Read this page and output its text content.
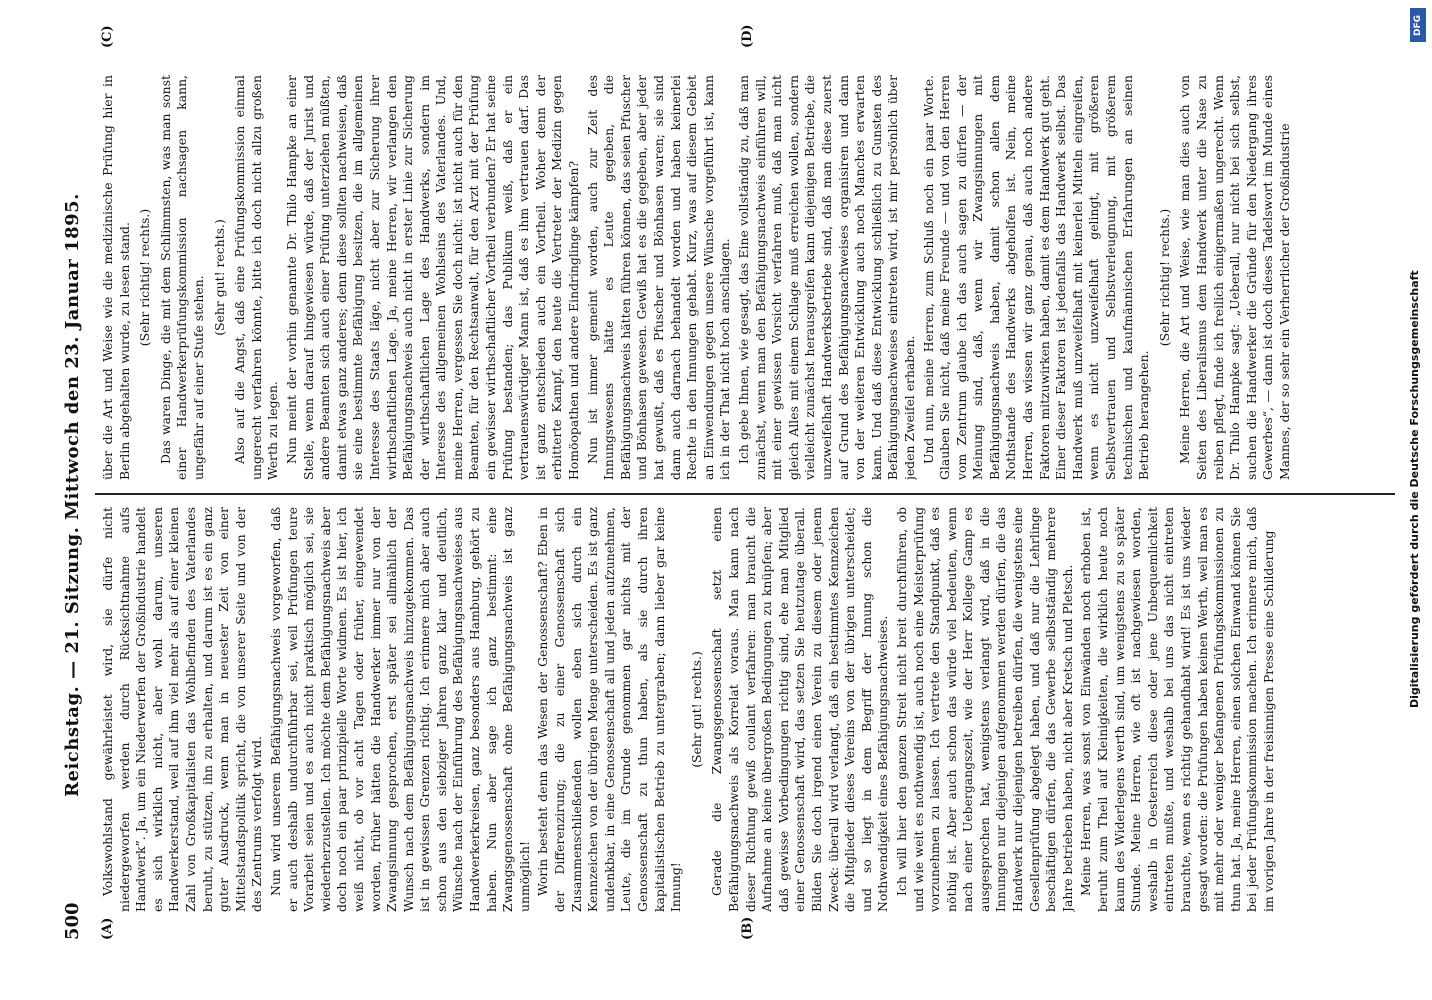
500
Reichstag. — 21. Sitzung. Mittwoch den 23. Januar 1895.
(A)	(B)
(C)	(D)

Volkswohlstand gewährleistet wird, sie dürfe nicht niedergeworfen werden durch Rücksichtnahme aufs Handwerk”. Ja, um ein Niederwerfen der Großindustrie handelt es sich wirklich nicht, aber wohl darum, unseren Handwerkerstand, weil auf ihm viel mehr als auf einer kleinen Zahl von Großkapitalisten das Wohlbefinden des Vaterlandes beruht, zu stützen, ihn zu erhalten, und darum ist es ein ganz guter Ausdruck, wenn man in neuester Zeit von einer Mittelstandspolitik spricht, die von unserer Seite und von der des Zentrums verfolgt wird. Nun wird unserem Befähigungsnachweis vorgeworfen, daß er auch deshalb undurchführbar sei, weil Prüfungen teure Vorarbeit seien und es auch nicht praktisch möglich sei, sie wiederherzustellen. Ich möchte dem Befähigungsnachweis aber doch noch ein paar prinzipielle Worte widmen. Es ist hier, ich weiß nicht, ob vor acht Tagen oder früher, eingewendet worden, früher hätten die Handwerker immer nur von der Zwangsinnung gesprochen, erst später sei allmählich der Wunsch nach dem Befähigungsnachweis hinzugekommen. Das ist in gewissen Grenzen richtig. Ich erinnere mich aber auch schon aus den siebziger Jahren ganz klar und deutlich, Wünsche nach der Einführung des Befähigungsnachweises aus Handwerkerkreisen, ganz besonders aus Hamburg, gehört zu haben. Nun aber sage ich ganz bestimmt: eine Zwangsgenossenschaft ohne Befähigungsnachweis ist ganz unmöglich! Worin besteht denn das Wesen der Genossenschaft? Eben in der Differenzirung; die zu einer Genossenschaft sich Zusammenschließenden wollen eben sich durch ein Kennzeichen von der übrigen Menge unterscheiden. Es ist ganz undenkbar, in eine Genossenschaft all und jeden aufzunehmen, Leute, die im Grunde genommen gar nichts mit der Genossenschaft zu thun haben, als sie durch ihren kapitalistischen Betrieb zu untergraben; dann lieber gar keine Innung!

(Sehr gut! rechts.) Gerade die Zwangsgenossenschaft setzt einen Befähigungsnachweis als Korrelat voraus. Man kann nach dieser Richtung gewiß coulant verfahren: man braucht die Aufnahme an keine übergroßen Bedingungen zu knüpfen; aber daß gewisse Vorbedingungen richtig sind, ehe man Mitglied einer Genossenschaft wird, das setzen Sie heutzutage überall. Bilden Sie doch irgend einen Verein zu diesem oder jenem Zweck: überall wird verlangt, daß ein bestimmtes Kennzeichen die Mitglieder dieses Vereins von der übrigen unterscheidet; und so liegt in dem Begriff der Innung schon die Nothwendigkeit eines Befähigungsnachweises. Ich will hier den ganzen Streit nicht breit durchführen, ob und wie weit es nothwendig ist, auch noch eine Meisterprüfung vorzunehmen zu lassen. Ich vertrete den Standpunkt, daß es nöthig ist. Aber auch schon das würde viel bedeuten, wenn nach einer Uebergangszeit, wie der Herr Kollege Gamp es ausgesprochen hat, wenigstens verlangt wird, daß in die Innungen nur diejenigen aufgenommen werden dürfen, die das Handwerk nur diejenigen betreiben dürfen, die wenigstens eine Gesellenprüfung abgelegt haben, und daß nur die Lehrlinge beschäftigen dürfen, die das Gewerbe selbstständig mehrere Jahre betrieben haben, nicht aber Kretsch und Pletsch. Meine Herren, was sonst von Einwänden noch erhoben ist, beruht zum Theil auf Kleinigkeiten, die wirklich heute noch kaum des Widerlegens werth sind, um wenigstens zu so später Stunde. Meine Herren, wie oft ist nachgewiesen worden, weshalb in Oesterreich diese oder jene Unbequemlichkeit eintreten mußte, und weshalb bei uns das nicht eintreten brauchte, wenn es richtig gehandhabt wird! Es ist uns wieder gesagt worden: die Prüfungen haben keinen Werth, weil man es mit mehr oder weniger befangenen Prüfungskommissionen zu thun hat. Ja, meine Herren, einen solchen Einwand können Sie bei jeder Prüfungskommission machen. Ich erinnere mich, daß im vorigen Jahre in der freisinnigen Presse eine Schilderung

über die Art und Weise wie die medizinische Prüfung hier in Berlin abgehalten wurde, zu lesen stand. (Sehr richtig! rechts.) Das waren Dinge, die mit dem Schlimmsten, was man sonst einer Handwerkerprüfungskommission nachsagen kann, ungefähr auf einer Stufe stehen. (Sehr gut! rechts.) Also auf die Angst, daß eine Prüfungskommission einmal ungerecht verfahren könnte, bitte ich doch nicht allzu großen Werth zu legen. Nun meint der vorhin genannte Dr. Thilo Hampke an einer Stelle, wenn darauf hingewiesen würde, daß der Jurist und andere Beamten sich auch einer Prüfung unterziehen müßten, damit etwas ganz anderes; denn diese sollten nachweisen, daß sie eine bestimmte Befähigung besitzen, die im allgemeinen Interesse des Staats läge, nicht aber zur Sicherung ihrer wirthschaftlichen Lage. Ja, meine Herren, wir verlangen den Befähigungsnachweis auch nicht in erster Linie zur Sicherung der wirthschaftlichen Lage des Handwerks, sondern im Interesse des allgemeinen Wohlseins des Vaterlandes. Und, meine Herren, vergessen Sie doch nicht: ist nicht auch für den Beamten, für den Rechtsanwalt, für den Arzt mit der Prüfung ein gewisser wirthschaftlicher Vortheil verbunden? Er hat seine Prüfung bestanden; das Publikum weiß, daß er ein vertrauenswürdiger Mann ist, daß es ihm vertrauen darf. Das ist ganz entschieden auch ein Vortheil. Woher denn der erbitterte Kampf, den heute die Vertreter der Medizin gegen Homöopathen und andere Eindringlinge kämpfen? Nun ist immer gemeint worden, auch zur Zeit des Innungswesens hätte es Leute gegeben, die Befähigungsnachweis hätten führen können, das seien Pfuscher und Bönhasen gewesen. Gewiß hat es die gegeben, aber jeder hat gewußt, daß es Pfuscher und Bönhasen waren; sie sind dann auch darnach behandelt worden und haben keinerlei Rechte in den Innungen gehabt. Kurz, was auf diesem Gebiet an Einwendungen gegen unsere Wünsche vorgeführt ist, kann ich in der That nicht hoch anschlagen. Ich gebe Ihnen, wie gesagt, das Eine vollständig zu, daß man zunächst, wenn man den Befähigungsnachweis einführen will, mit einer gewissen Vorsicht verfahren muß, daß man nicht gleich Alles mit einem Schlage muß erreichen wollen, sondern vielleicht zunächst herausgreifen kann diejenigen Betriebe, die unzweifelhaft Handwerksbetriebe sind, daß man diese zuerst auf Grund des Befähigungsnachweises organisiren und dann von der weiteren Entwicklung auch noch Manches erwarten kann. Und daß diese Entwicklung schließlich zu Gunsten des Befähigungsnachweises eintreten wird, ist mir persönlich über jeden Zweifel erhaben. Und nun, meine Herren, zum Schluß noch ein paar Worte. Glauben Sie nicht, daß meine Freunde — und von den Herren vom Zentrum glaube ich das auch sagen zu dürfen — der Meinung sind, daß, wenn wir Zwangsinnungen mit Befähigungsnachweis haben, damit schon allen dem Nothstande des Handwerks abgeholfen ist. Nein, meine Herren, das wissen wir ganz genau, daß auch noch andere Faktoren mitzuwirken haben, damit es dem Handwerk gut geht. Einer dieser Faktoren ist jedenfalls das Handwerk selbst. Das Handwerk muß unzweifelhaft mit keinerlei Mitteln eingreifen, wenn es nicht unzweifelhaft gelingt, mit größeren Selbstvertrauen und Selbstverleugnung, mit größerem technischen und kaufmännischen Erfahrungen an seinen Betrieb herangehen.

(Sehr richtig! rechts.) Meine Herren, die Art und Weise, wie man dies auch von Seiten des Liberalismus dem Handwerk unter die Nase zu reiben pflegt, finde ich freilich einigermaßen ungerecht. Wenn Dr. Thilo Hampke sagt: „Ueberall, nur nicht bei sich selbst, suchen die Handwerker die Gründe für den Niedergang ihres Gewerbes“, — dann ist doch dieses Tadelswort im Munde eines Mannes, der so sehr ein Verherrlicher der Großindustrie

DFG
Digitalisierung gefördert durch die Deutsche Forschungsgemeinschaft
